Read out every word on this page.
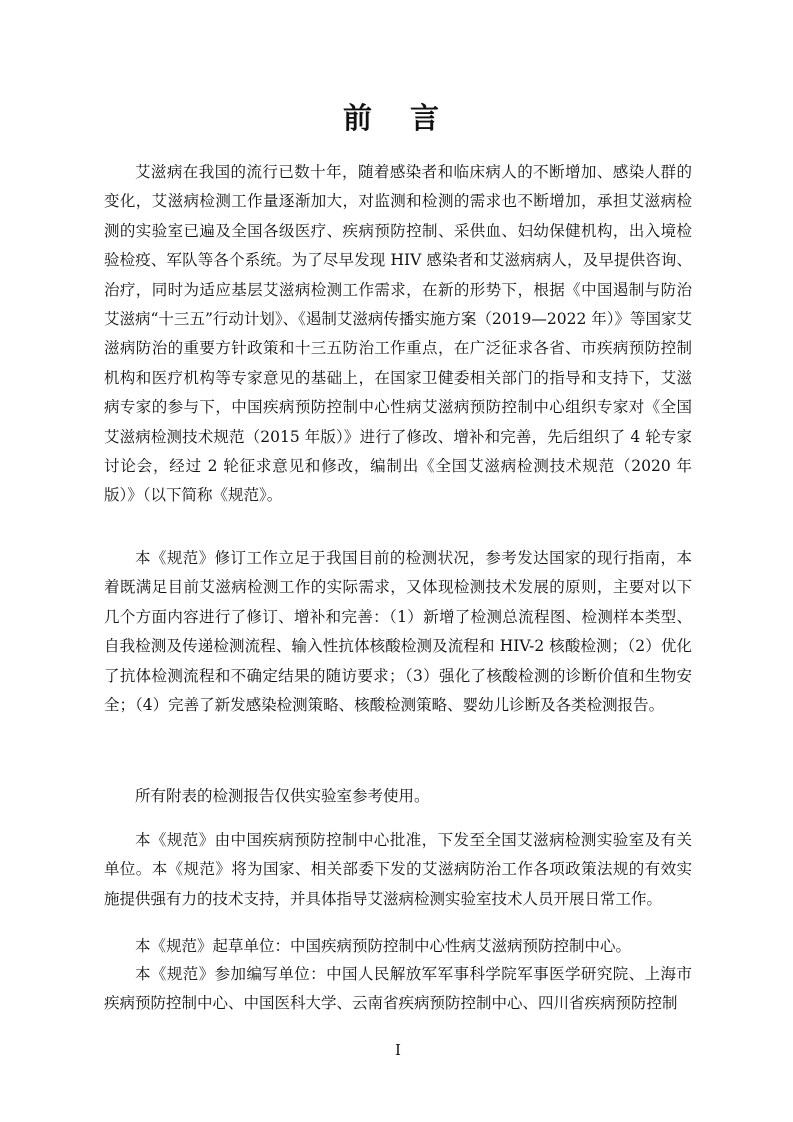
前 言

艾滋病在我国的流行已数十年，随着感染者和临床病人的不断增加、感染人群的变化，艾滋病检测工作量逐渐加大，对监测和检测的需求也不断增加，承担艾滋病检测的实验室已遍及全国各级医疗、疾病预防控制、采供血、妇幼保健机构，出入境检验检疫、军队等各个系统。为了尽早发现 HIV 感染者和艾滋病病人，及早提供咨询、治疗，同时为适应基层艾滋病检测工作需求，在新的形势下，根据《中国遏制与防治艾滋病“十三五”行动计划》、《遏制艾滋病传播实施方案（2019—2022 年）》等国家艾滋病防治的重要方针政策和十三五防治工作重点，在广泛征求各省、市疾病预防控制机构和医疗机构等专家意见的基础上，在国家卫健委相关部门的指导和支持下，艾滋病专家的参与下，中国疾病预防控制中心性病艾滋病预防控制中心组织专家对《全国艾滋病检测技术规范（2015 年版）》进行了修改、增补和完善，先后组织了 4 轮专家讨论会，经过 2 轮征求意见和修改，编制出《全国艾滋病检测技术规范（2020 年版）》（以下简称《规范》。

本《规范》修订工作立足于我国目前的检测状况，参考发达国家的现行指南，本着既满足目前艾滋病检测工作的实际需求，又体现检测技术发展的原则，主要对以下几个方面内容进行了修订、增补和完善：（1）新增了检测总流程图、检测样本类型、自我检测及传递检测流程、输入性抗体核酸检测及流程和 HIV-2 核酸检测；（2）优化了抗体检测流程和不确定结果的随访要求；（3）强化了核酸检测的诊断价值和生物安全；（4）完善了新发感染检测策略、核酸检测策略、婴幼儿诊断及各类检测报告。

所有附表的检测报告仅供实验室参考使用。

本《规范》由中国疾病预防控制中心批准，下发至全国艾滋病检测实验室及有关单位。本《规范》将为国家、相关部委下发的艾滋病防治工作各项政策法规的有效实施提供强有力的技术支持，并具体指导艾滋病检测实验室技术人员开展日常工作。

本《规范》起草单位：中国疾病预防控制中心性病艾滋病预防控制中心。

本《规范》参加编写单位：中国人民解放军军事科学院军事医学研究院、上海市疾病预防控制中心、中国医科大学、云南省疾病预防控制中心、四川省疾病预防控制

I
